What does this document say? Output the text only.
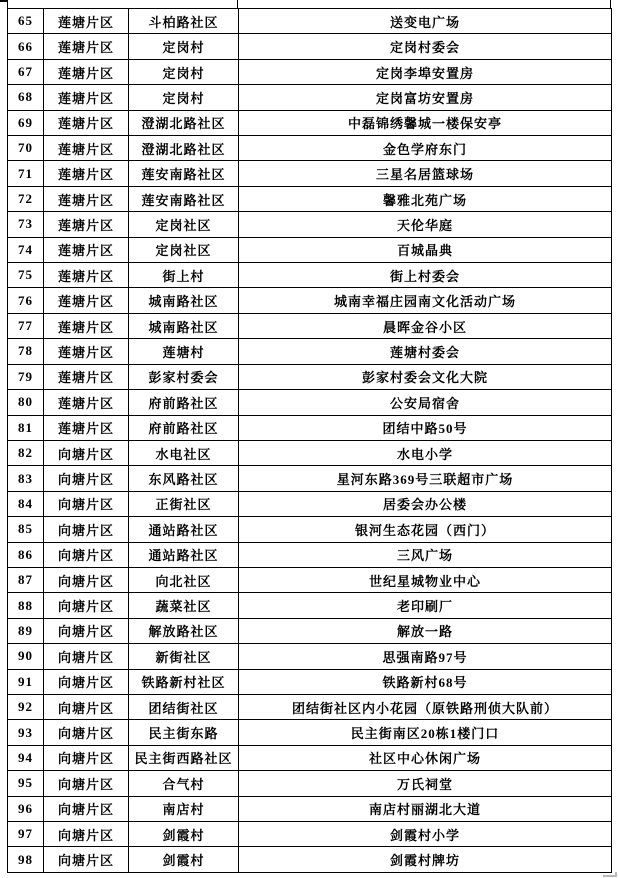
65	莲塘片区	斗柏路社区	送变电广场
66	莲塘片区	定岗村	定岗村委会
67	莲塘片区	定岗村	定岗李埠安置房
68	莲塘片区	定岗村	定岗富坊安置房
69	莲塘片区	澄湖北路社区	中磊锦绣馨城一楼保安亭
70	莲塘片区	澄湖北路社区	金色学府东门
71	莲塘片区	莲安南路社区	三星名居篮球场
72	莲塘片区	莲安南路社区	馨雅北苑广场
73	莲塘片区	定岗社区	天伦华庭
74	莲塘片区	定岗社区	百城晶典
75	莲塘片区	街上村	街上村委会
76	莲塘片区	城南路社区	城南幸福庄园南文化活动广场
77	莲塘片区	城南路社区	晨晖金谷小区
78	莲塘片区	莲塘村	莲塘村委会
79	莲塘片区	彭家村委会	彭家村委会文化大院
80	莲塘片区	府前路社区	公安局宿舍
81	莲塘片区	府前路社区	团结中路50号
82	向塘片区	水电社区	水电小学
83	向塘片区	东风路社区	星河东路369号三联超市广场
84	向塘片区	正街社区	居委会办公楼
85	向塘片区	通站路社区	银河生态花园（西门）
86	向塘片区	通站路社区	三风广场
87	向塘片区	向北社区	世纪星城物业中心
88	向塘片区	蔬菜社区	老印刷厂
89	向塘片区	解放路社区	解放一路
90	向塘片区	新街社区	思强南路97号
91	向塘片区	铁路新村社区	铁路新村68号
92	向塘片区	团结街社区	团结街社区内小花园（原铁路刑侦大队前）
93	向塘片区	民主街东路	民主街南区20栋1楼门口
94	向塘片区	民主街西路社区	社区中心休闲广场
95	向塘片区	合气村	万氏祠堂
96	向塘片区	南店村	南店村丽湖北大道
97	向塘片区	剑霞村	剑霞村小学
98	向塘片区	剑霞村	剑霞村牌坊
